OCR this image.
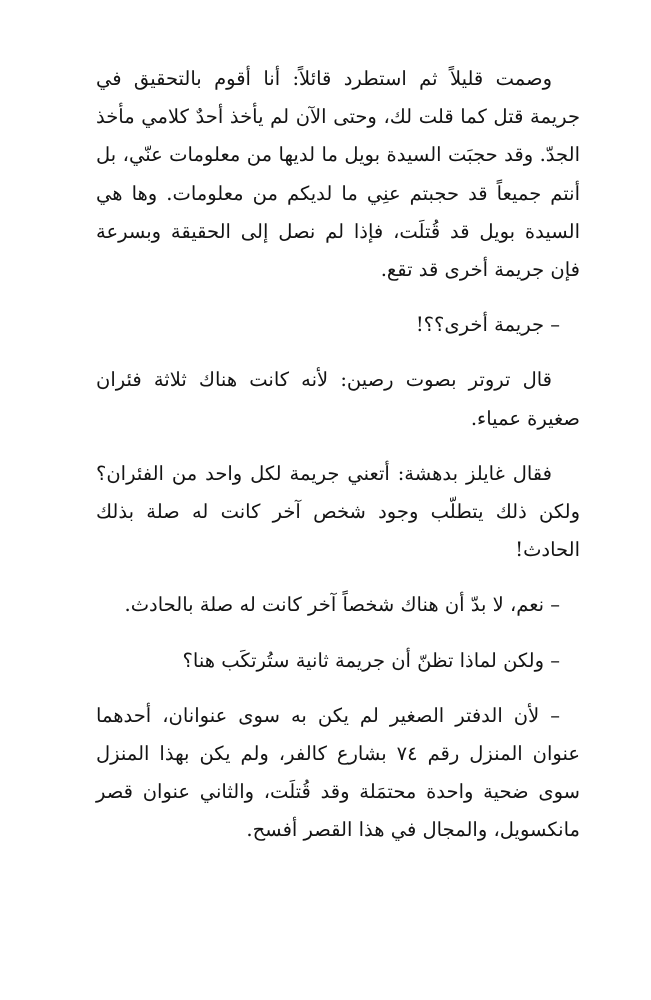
وصمت قليلاً ثم استطرد قائلاً: أنا أقوم بالتحقيق في جريمة قتل كما قلت لك، وحتى الآن لم يأخذ أحدٌ كلامي مأخذ الجدّ. وقد حجبَت السيدة بويل ما لديها من معلومات عنّي، بل أنتم جميعاً قد حجبتم عنِي ما لديكم من معلومات. وها هي السيدة بويل قد قُتلَت، فإذا لم نصل إلى الحقيقة وبسرعة فإن جريمة أخرى قد تقع.

– جريمة أخرى؟؟!

قال تروتر بصوت رصين: لأنه كانت هناك ثلاثة فئران صغيرة عمياء.

فقال غايلز بدهشة: أتعني جريمة لكل واحد من الفئران؟ ولكن ذلك يتطلّب وجود شخص آخر كانت له صلة بذلك الحادث!

– نعم، لا بدّ أن هناك شخصاً آخر كانت له صلة بالحادث.

– ولكن لماذا تظنّ أن جريمة ثانية ستُرتكَب هنا؟

– لأن الدفتر الصغير لم يكن به سوى عنوانان، أحدهما عنوان المنزل رقم ٧٤ بشارع كالفر، ولم يكن بهذا المنزل سوى ضحية واحدة محتمَلة وقد قُتلَت، والثاني عنوان قصر مانكسويل، والمجال في هذا القصر أفسح.
